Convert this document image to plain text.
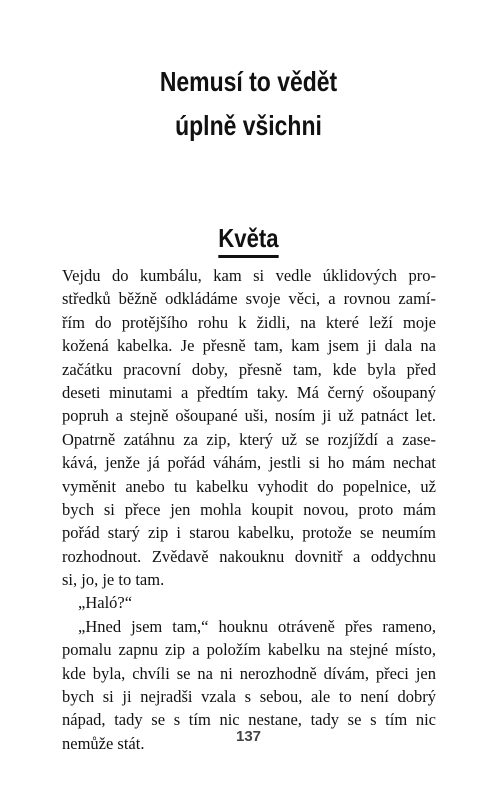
Nemusí to vědět
úplně všichni
Květa
Vejdu do kumbálu, kam si vedle úklidových pro-
středků běžně odkládáme svoje věci, a rovnou zamí-
řím do protějšího rohu k židli, na které leží moje
kožená kabelka. Je přesně tam, kam jsem ji dala na
začátku pracovní doby, přesně tam, kde byla před
deseti minutami a předtím taky. Má černý ošoupaný
popruh a stejně ošoupané uši, nosím ji už patnáct let.
Opatrně zatáhnu za zip, který už se rozjíždí a zase-
kává, jenže já pořád váhám, jestli si ho mám nechat
vyměnit anebo tu kabelku vyhodit do popelnice, už
bych si přece jen mohla koupit novou, proto mám
pořád starý zip i starou kabelku, protože se neumím
rozhodnout. Zvědavě nakouknu dovnitř a oddychnu
si, jo, je to tam.
„Haló?“
„Hned jsem tam,“ houknu otráveně přes rameno,
pomalu zapnu zip a položím kabelku na stejné místo,
kde byla, chvíli se na ni nerozhodně dívám, přeci jen
bych si ji nejradši vzala s sebou, ale to není dobrý
nápad, tady se s tím nic nestane, tady se s tím nic
nemůže stát.	137
